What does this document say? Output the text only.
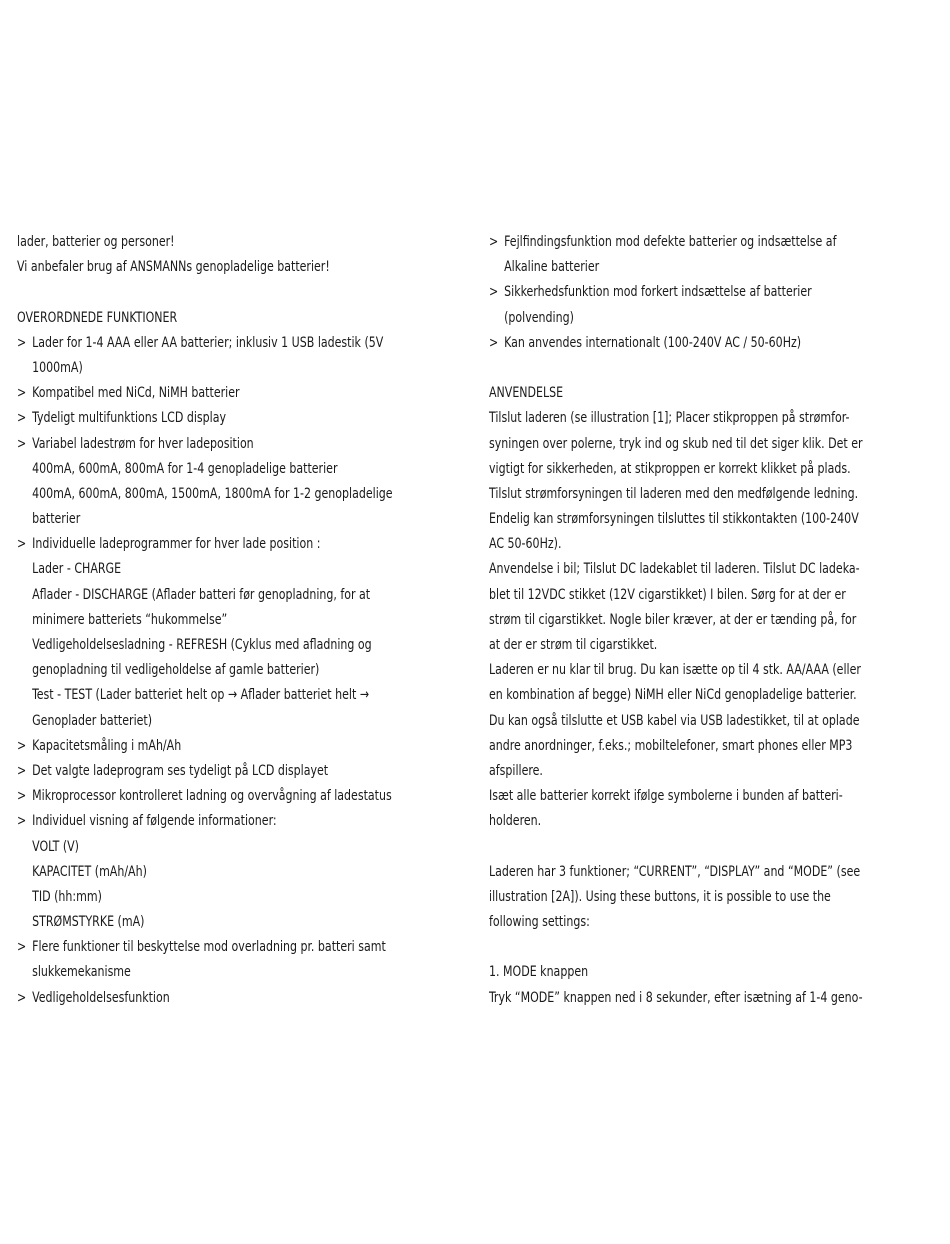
lader, batterier og personer!
Vi anbefaler brug af ANSMANNs genopladelige batterier!
OVERORDNEDE FUNKTIONER
> Lader for 1-4 AAA eller AA batterier; inklusiv 1 USB ladestik (5V
1000mA)
> Kompatibel med NiCd, NiMH batterier
> Tydeligt multifunktions LCD display
> Variabel ladestrøm for hver ladeposition
400mA, 600mA, 800mA for 1-4 genopladelige batterier
400mA, 600mA, 800mA, 1500mA, 1800mA for 1-2 genopladelige
batterier
> Individuelle ladeprogrammer for hver lade position :
Lader - CHARGE
Aflader - DISCHARGE (Aflader batteri før genopladning, for at
minimere batteriets “hukommelse”
Vedligeholdelsesladning - REFRESH (Cyklus med afladning og
genopladning til vedligeholdelse af gamle batterier)
Test - TEST (Lader batteriet helt op → Aflader batteriet helt →
Genoplader batteriet)
> Kapacitetsmåling i mAh/Ah
> Det valgte ladeprogram ses tydeligt på LCD displayet
> Mikroprocessor kontrolleret ladning og overvågning af ladestatus
> Individuel visning af følgende informationer:
VOLT (V)
KAPACITET (mAh/Ah)
TID (hh:mm)
STRØMSTYRKE (mA)
> Flere funktioner til beskyttelse mod overladning pr. batteri samt
slukkemekanisme
> Vedligeholdelsesfunktion
> Fejlfindingsfunktion mod defekte batterier og indsættelse af
Alkaline batterier
> Sikkerhedsfunktion mod forkert indsættelse af batterier
(polvending)
> Kan anvendes internationalt (100-240V AC / 50-60Hz)
ANVENDELSE
Tilslut laderen (se illustration [1]; Placer stikproppen på strømfor-
syningen over polerne, tryk ind og skub ned til det siger klik. Det er
vigtigt for sikkerheden, at stikproppen er korrekt klikket på plads.
Tilslut strømforsyningen til laderen med den medfølgende ledning.
Endelig kan strømforsyningen tilsluttes til stikkontakten (100-240V
AC 50-60Hz).
Anvendelse i bil; Tilslut DC ladekablet til laderen. Tilslut DC ladeka-
blet til 12VDC stikket (12V cigarstikket) I bilen. Sørg for at der er
strøm til cigarstikket. Nogle biler kræver, at der er tænding på, for
at der er strøm til cigarstikket.
Laderen er nu klar til brug. Du kan isætte op til 4 stk. AA/AAA (eller
en kombination af begge) NiMH eller NiCd genopladelige batterier.
Du kan også tilslutte et USB kabel via USB ladestikket, til at oplade
andre anordninger, f.eks.; mobiltelefoner, smart phones eller MP3
afspillere.
Isæt alle batterier korrekt ifølge symbolerne i bunden af batteri-
holderen.
Laderen har 3 funktioner; “CURRENT”, “DISPLAY” and “MODE” (see
illustration [2A]). Using these buttons, it is possible to use the
following settings:
1. MODE knappen
Tryk “MODE” knappen ned i 8 sekunder, efter isætning af 1-4 geno-
